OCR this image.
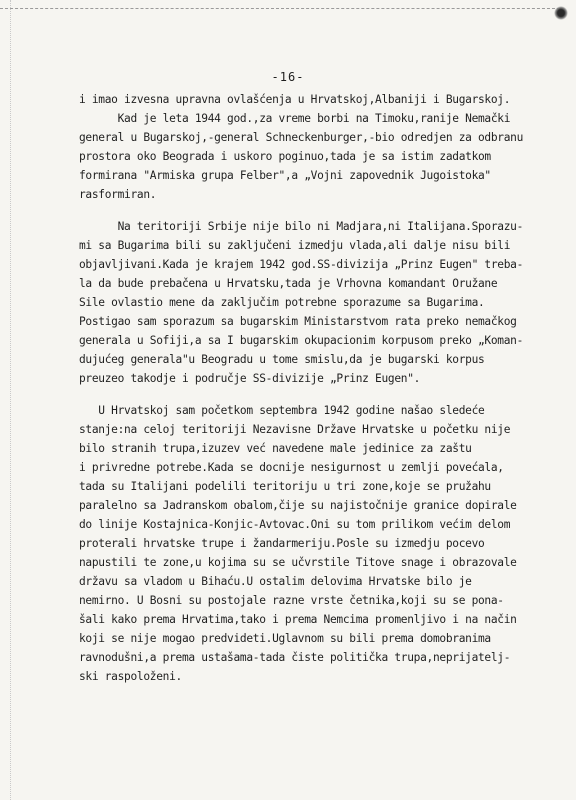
-16-
i imao izvesna upravna ovlašćenja u Hrvatskoj,Albaniji i Bugarskoj.
Kad je leta 1944 god.,za vreme borbi na Timoku,ranije Nemački
general u Bugarskoj,-general Schneckenburger,-bio odredjen za odbranu
prostora oko Beograda i uskoro poginuo,tada je sa istim zadatkom
formirana "Armiska grupa Felber",a „Vojni zapovednik Jugoistoka"
rasformiran.
Na teritoriji Srbije nije bilo ni Madjara,ni Italijana.Sporazu-
mi sa Bugarima bili su zaključeni izmedju vlada,ali dalje nisu bili
objavljivani.Kada je krajem 1942 god.SS-divizija „Prinz Eugen" treba-
la da bude prebačena u Hrvatsku,tada je Vrhovna komandant Oružane
Sile ovlastio mene da zaključim potrebne sporazume sa Bugarima.
Postigao sam sporazum sa bugarskim Ministarstvom rata preko nemačkog
generala u Sofiji,a sa I bugarskim okupacionim korpusom preko „Koman-
dujućeg generala"u Beogradu u tome smislu,da je bugarski korpus
preuzeo takodje i područje SS-divizije „Prinz Eugen".
U Hrvatskoj sam početkom septembra 1942 godine našao sledeće
stanje:na celoj teritoriji Nezavisne Države Hrvatske u početku nije
bilo stranih trupa,izuzev već navedene male jedinice za zaštu
i privredne potrebe.Kada se docnije nesigurnost u zemlji povećala,
tada su Italijani podelili teritoriju u tri zone,koje se pružahu
paralelno sa Jadranskom obalom,čije su najistočnije granice dopirale
do linije Kostajnica-Konjic-Avtovac.Oni su tom prilikom većim delom
proterali hrvatske trupe i žandarmeriju.Posle su izmedju pocevo
napustili te zone,u kojima su se učvrstile Titove snage i obrazovale
državu sa vladom u Bihaću.U ostalim delovima Hrvatske bilo je
nemirno. U Bosni su postojale razne vrste četnika,koji su se pona-
šali kako prema Hrvatima,tako i prema Nemcima promenljivo i na način
koji se nije mogao predvideti.Uglavnom su bili prema domobranima
ravnodušni,a prema ustašama-tada čiste politička trupa,neprijatelj-
ski raspoloženi.
